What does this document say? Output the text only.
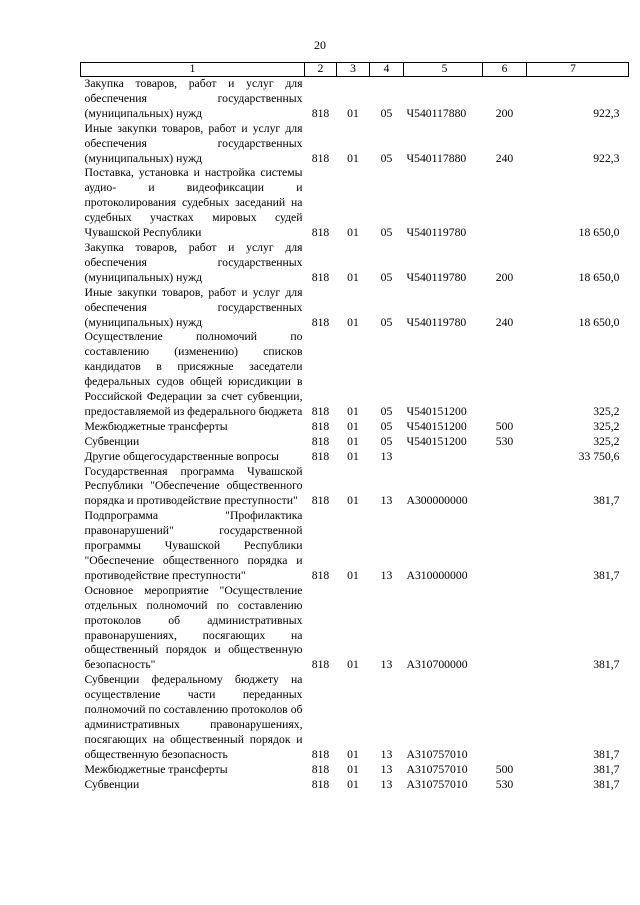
20
1	2	3	4	5	6	7
Закупка товаров, работ и услуг для обеспечения государственных (муниципальных) нужд	818	01	05	Ч540117880	200	922,3
Иные закупки товаров, работ и услуг для обеспечения государственных (муниципальных) нужд	818	01	05	Ч540117880	240	922,3
Поставка, установка и настройка системы аудио- и видеофиксации и протоколирования судебных заседаний на судебных участках мировых судей Чувашской Республики	818	01	05	Ч540119780		18 650,0
Закупка товаров, работ и услуг для обеспечения государственных (муниципальных) нужд	818	01	05	Ч540119780	200	18 650,0
Иные закупки товаров, работ и услуг для обеспечения государственных (муниципальных) нужд	818	01	05	Ч540119780	240	18 650,0
Осуществление полномочий по составлению (изменению) списков кандидатов в присяжные заседатели федеральных судов общей юрисдикции в Российской Федерации за счет субвенции, предоставляемой из федерального бюджета	818	01	05	Ч540151200		325,2
Межбюджетные трансферты	818	01	05	Ч540151200	500	325,2
Субвенции	818	01	05	Ч540151200	530	325,2
Другие общегосударственные вопросы	818	01	13			33 750,6
Государственная программа Чувашской Республики "Обеспечение общественного порядка и противодействие преступности"	818	01	13	А300000000		381,7
Подпрограмма "Профилактика правонарушений" государственной программы Чувашской Республики "Обеспечение общественного порядка и противодействие преступности"	818	01	13	А310000000		381,7
Основное мероприятие "Осуществление отдельных полномочий по составлению протоколов об административных правонарушениях, посягающих на общественный порядок и общественную безопасность"	818	01	13	А310700000		381,7
Субвенции федеральному бюджету на осуществление части переданных полномочий по составлению протоколов об административных правонарушениях, посягающих на общественный порядок и общественную безопасность	818	01	13	А310757010		381,7
Межбюджетные трансферты	818	01	13	А310757010	500	381,7
Субвенции	818	01	13	А310757010	530	381,7
